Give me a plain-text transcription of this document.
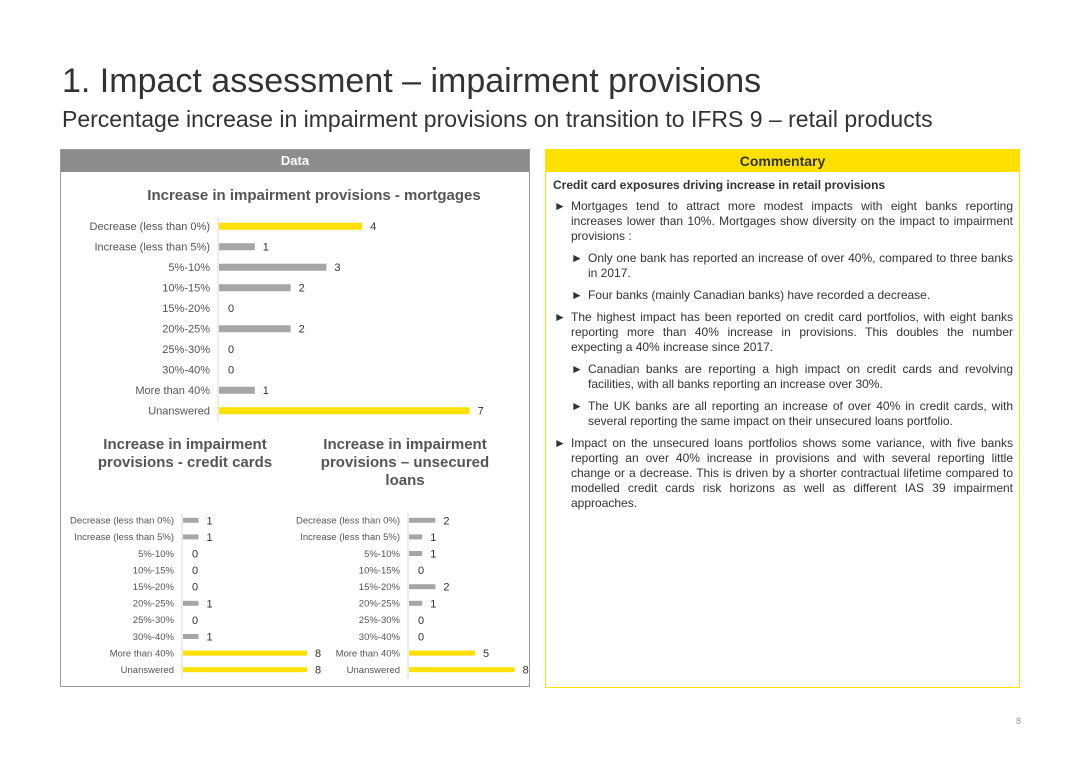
1. Impact assessment – impairment provisions
Percentage increase in impairment provisions on transition to IFRS 9 – retail products
Data	Commentary
Increase in impairment provisions - mortgages
Increase in impairment provisions - credit cards
Increase in impairment provisions – unsecured loans
Decrease (less than 0%)	4
Increase (less than 5%)	1
5%-10%	3
10%-15%	2
15%-20% 0
20%-25%	2
25%-30% 0
30%-40% 0
More than 40%	1
Unanswered	7
Decrease (less than 0%)	1
Increase (less than 5%)	1
5%-10% 0
10%-15% 0
15%-20% 0
20%-25%	1
25%-30% 0
30%-40%	1
More than 40%	8
Unanswered	8
Decrease (less than 0%)	2
Increase (less than 5%)	1
5%-10%	1
10%-15% 0
15%-20%	2
20%-25%	1
25%-30% 0
30%-40% 0
More than 40%	5
Unanswered	8
Credit card exposures driving increase in retail provisions
► Mortgages tend to attract more modest impacts with eight banks reporting increases lower than 10%. Mortgages show diversity on the impact to impairment provisions :
► Only one bank has reported an increase of over 40%, compared to three banks in 2017.
► Four banks (mainly Canadian banks) have recorded a decrease.
► The highest impact has been reported on credit card portfolios, with eight banks reporting more than 40% increase in provisions. This doubles the number expecting a 40% increase since 2017.
► Canadian banks are reporting a high impact on credit cards and revolving facilities, with all banks reporting an increase over 30%.
► The UK banks are all reporting an increase of over 40% in credit cards, with several reporting the same impact on their unsecured loans portfolio.
► Impact on the unsecured loans portfolios shows some variance, with five banks reporting an over 40% increase in provisions and with several reporting little change or a decrease. This is driven by a shorter contractual lifetime compared to modelled credit cards risk horizons as well as different IAS 39 impairment approaches.
8
